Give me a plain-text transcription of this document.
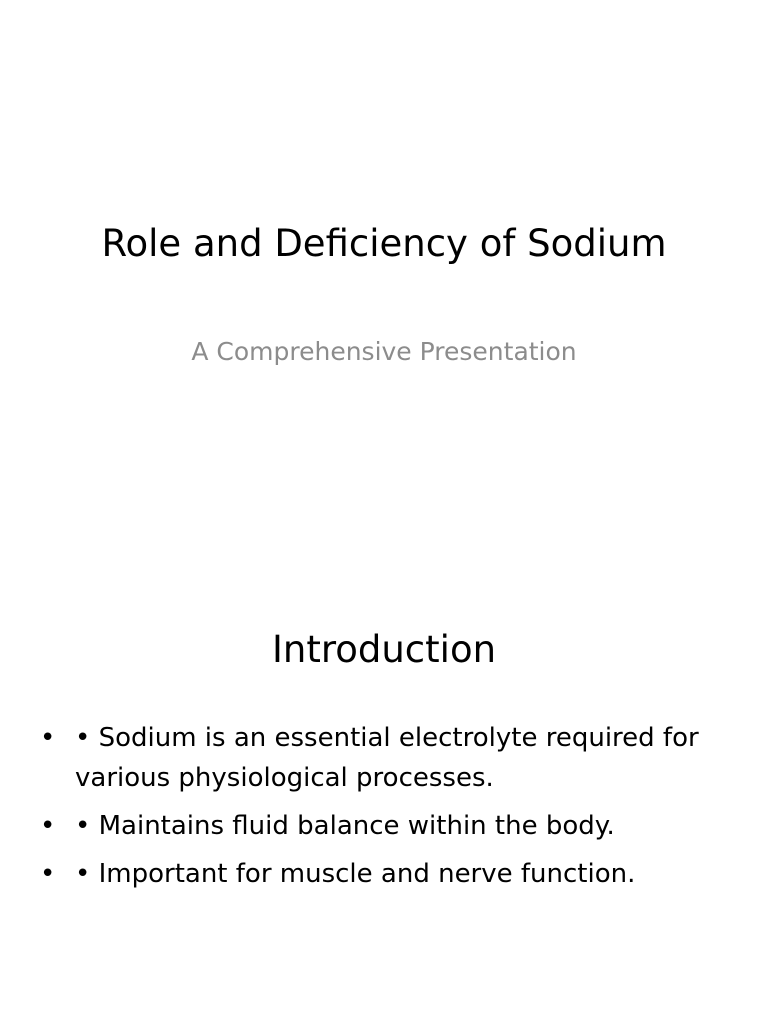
Role and Deficiency of Sodium
A Comprehensive Presentation
Introduction
• • Sodium is an essential electrolyte required for various physiological processes.
• • Maintains fluid balance within the body.
• • Important for muscle and nerve function.
